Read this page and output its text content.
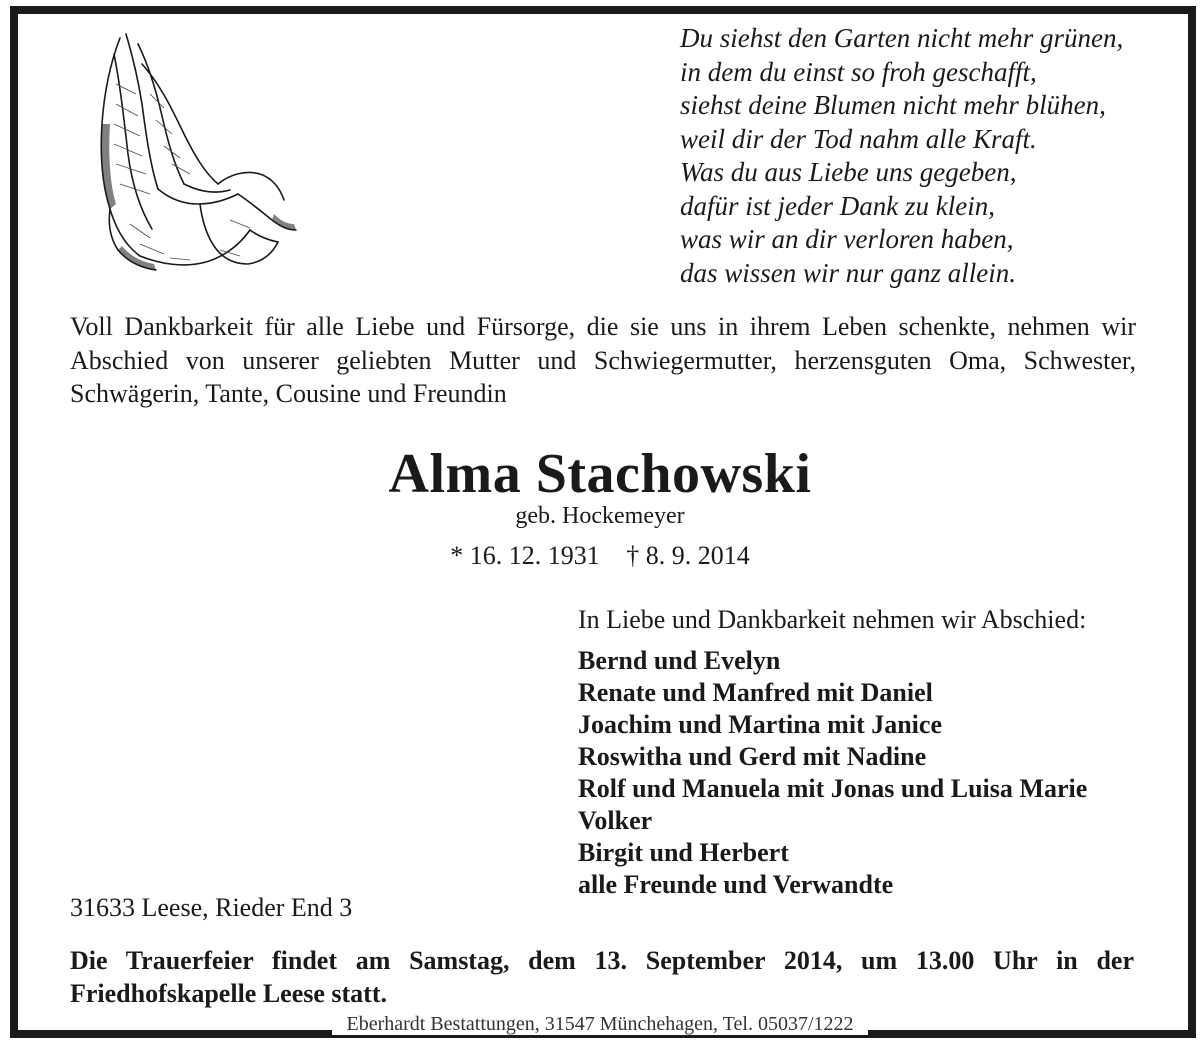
Du siehst den Garten nicht mehr grünen,
in dem du einst so froh geschafft,
siehst deine Blumen nicht mehr blühen,
weil dir der Tod nahm alle Kraft.
Was du aus Liebe uns gegeben,
dafür ist jeder Dank zu klein,
was wir an dir verloren haben,
das wissen wir nur ganz allein.
Voll Dankbarkeit für alle Liebe und Fürsorge, die sie uns in ihrem Leben schenkte, nehmen wir
Abschied von unserer geliebten Mutter und Schwiegermutter, herzensguten Oma, Schwester,
Schwägerin, Tante, Cousine und Freundin
Alma Stachowski
geb. Hockemeyer
* 16. 12. 1931 † 8. 9. 2014
In Liebe und Dankbarkeit nehmen wir Abschied:
Bernd und Evelyn
Renate und Manfred mit Daniel
Joachim und Martina mit Janice
Roswitha und Gerd mit Nadine
Rolf und Manuela mit Jonas und Luisa Marie
Volker
Birgit und Herbert
alle Freunde und Verwandte
31633 Leese, Rieder End 3
Die Trauerfeier findet am Samstag, dem 13. September 2014, um 13.00 Uhr in der
Friedhofskapelle Leese statt.
Eberhardt Bestattungen, 31547 Münchehagen, Tel. 05037/1222
